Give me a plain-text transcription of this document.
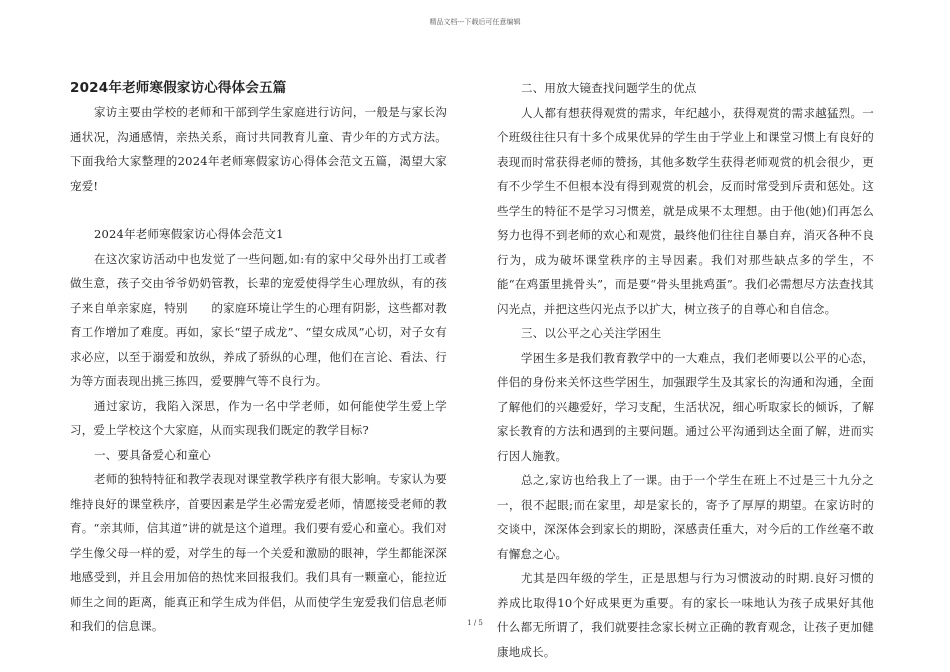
精品文档---下载后可任意编辑
2024年老师寒假家访心得体会五篇

家访主要由学校的老师和干部到学生家庭进行访问，一般是与家长沟通状况，沟通感情，亲热关系，商讨共同教育儿童、青少年的方式方法。下面我给大家整理的2024年老师寒假家访心得体会范文五篇，渴望大家宠爱!

2024年老师寒假家访心得体会范文1

在这次家访活动中也发觉了一些问题,如:有的家中父母外出打工或者做生意，孩子交由爷爷奶奶管教，长辈的宠爱使得学生心理放纵，有的孩子来自单亲家庭，特别　　的家庭环境让学生的心理有阴影，这些都对教育工作增加了难度。再如，家长“望子成龙”、“望女成凤”心切，对子女有求必应，以至于溺爱和放纵，养成了骄纵的心理，他们在言论、看法、行为等方面表现出挑三拣四，爱要脾气等不良行为。

通过家访，我陷入深思，作为一名中学老师，如何能使学生爱上学习，爱上学校这个大家庭，从而实现我们既定的教学目标?

一、要具备爱心和童心

老师的独特特征和教学表现对课堂教学秩序有很大影响。专家认为要维持良好的课堂秩序，首要因素是学生必需宠爱老师，情愿接受老师的教育。“亲其师，信其道”讲的就是这个道理。我们要有爱心和童心。我们对学生像父母一样的爱，对学生的每一个关爱和激励的眼神，学生都能深深地感受到，并且会用加倍的热忱来回报我们。我们具有一颗童心，能拉近师生之间的距离，能真正和学生成为伴侣，从而使学生宠爱我们信息老师和我们的信息课。

二、用放大镜查找问题学生的优点

人人都有想获得观赏的需求，年纪越小，获得观赏的需求越猛烈。一个班级往往只有十多个成果优异的学生由于学业上和课堂习惯上有良好的表现而时常获得老师的赞扬，其他多数学生获得老师观赏的机会很少，更有不少学生不但根本没有得到观赏的机会，反而时常受到斥责和惩处。这些学生的特征不是学习习惯差，就是成果不太理想。由于他(她)们再怎么努力也得不到老师的欢心和观赏，最终他们往往自暴自弃，消灭各种不良行为，成为破坏课堂秩序的主导因素。我们对那些缺点多的学生，不能“在鸡蛋里挑骨头”，而是要“骨头里挑鸡蛋”。我们必需想尽方法查找其闪光点，并把这些闪光点予以扩大，树立孩子的自尊心和自信念。

三、以公平之心关注学困生

学困生多是我们教育教学中的一大难点，我们老师要以公平的心态，伴侣的身份来关怀这些学困生，加强跟学生及其家长的沟通和沟通，全面了解他们的兴趣爱好，学习支配，生活状况，细心听取家长的倾诉，了解家长教育的方法和遇到的主要问题。通过公平沟通到达全面了解，进而实行因人施教。

总之,家访也给我上了一课。由于一个学生在班上不过是三十九分之一，很不起眼;而在家里，却是家长的，寄予了厚厚的期望。在家访时的交谈中，深深体会到家长的期盼，深感责任重大，对今后的工作丝毫不敢有懈怠之心。

尤其是四年级的学生，正是思想与行为习惯波动的时期.良好习惯的养成比取得10个好成果更为重要。有的家长一味地认为孩子成果好其他什么都无所谓了，我们就要挂念家长树立正确的教育观念，让孩子更加健康地成长。

1 / 5
